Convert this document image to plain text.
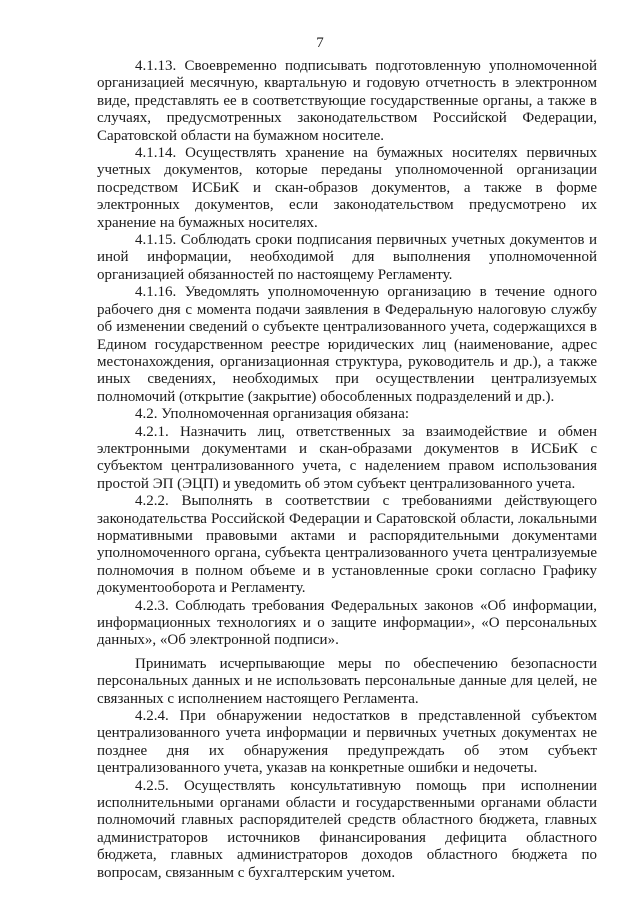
7

4.1.13. Своевременно подписывать подготовленную уполномоченной организацией месячную, квартальную и годовую отчетность в электронном виде, представлять ее в соответствующие государственные органы, а также в случаях, предусмотренных законодательством Российской Федерации, Саратовской области на бумажном носителе.

4.1.14. Осуществлять хранение на бумажных носителях первичных учетных документов, которые переданы уполномоченной организации посредством ИСБиК и скан-образов документов, а также в форме электронных документов, если законодательством предусмотрено их хранение на бумажных носителях.

4.1.15. Соблюдать сроки подписания первичных учетных документов и иной информации, необходимой для выполнения уполномоченной организацией обязанностей по настоящему Регламенту.

4.1.16. Уведомлять уполномоченную организацию в течение одного рабочего дня с момента подачи заявления в Федеральную налоговую службу об изменении сведений о субъекте централизованного учета, содержащихся в Едином государственном реестре юридических лиц (наименование, адрес местонахождения, организационная структура, руководитель и др.), а также иных сведениях, необходимых при осуществлении централизуемых полномочий (открытие (закрытие) обособленных подразделений и др.).

4.2. Уполномоченная организация обязана:

4.2.1. Назначить лиц, ответственных за взаимодействие и обмен электронными документами и скан-образами документов в ИСБиК с субъектом централизованного учета, с наделением правом использования простой ЭП (ЭЦП) и уведомить об этом субъект централизованного учета.

4.2.2. Выполнять в соответствии с требованиями действующего законодательства Российской Федерации и Саратовской области, локальными нормативными правовыми актами и распорядительными документами уполномоченного органа, субъекта централизованного учета централизуемые полномочия в полном объеме и в установленные сроки согласно Графику документооборота и Регламенту.

4.2.3. Соблюдать требования Федеральных законов «Об информации, информационных технологиях и о защите информации», «О персональных данных», «Об электронной подписи».

Принимать исчерпывающие меры по обеспечению безопасности персональных данных и не использовать персональные данные для целей, не связанных с исполнением настоящего Регламента.

4.2.4. При обнаружении недостатков в представленной субъектом централизованного учета информации и первичных учетных документах не позднее дня их обнаружения предупреждать об этом субъект централизованного учета, указав на конкретные ошибки и недочеты.

4.2.5. Осуществлять консультативную помощь при исполнении исполнительными органами области и государственными органами области полномочий главных распорядителей средств областного бюджета, главных администраторов источников финансирования дефицита областного бюджета, главных администраторов доходов областного бюджета по вопросам, связанным с бухгалтерским учетом.
